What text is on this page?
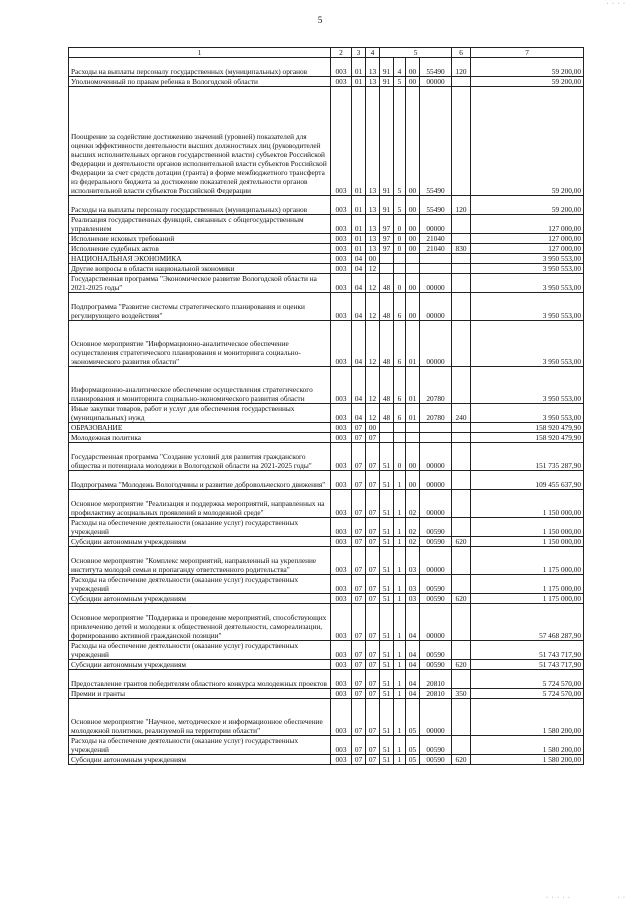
· · · ·
5
1	2	3	4	5				6	7
Расходы на выплаты персоналу государственных (муниципальных) органов	003	01	13	91	4	00	55490	120	59 200,00
Уполномоченный по правам ребенка в Вологодской области	003	01	13	91	5	00	00000		59 200,00
Поощрение за содействие достижению значений (уровней) показателей для оценки эффективности деятельности высших должностных лиц (руководителей высших исполнительных органов государственной власти) субъектов Российской Федерации и деятельности органов исполнительной власти субъектов Российской Федерации за счет средств дотации (гранта) в форме межбюджетного трансферта из федерального бюджета за достижение показателей деятельности органов исполнительной власти субъектов Российской Федерации	003	01	13	91	5	00	55490		59 200,00
Расходы на выплаты персоналу государственных (муниципальных) органов	003	01	13	91	5	00	55490	120	59 200,00
Реализация государственных функций, связанных с общегосударственным управлением	003	01	13	97	0	00	00000		127 000,00
Исполнение исковых требований	003	01	13	97	0	00	21040		127 000,00
Исполнение судебных актов	003	01	13	97	0	00	21040	830	127 000,00
НАЦИОНАЛЬНАЯ ЭКОНОМИКА	003	04	00						3 950 553,00
Другие вопросы в области национальной экономики	003	04	12						3 950 553,00
Государственная программа "Экономическое развитие Вологодской области на 2021-2025 годы"	003	04	12	48	0	00	00000		3 950 553,00
Подпрограмма "Развитие системы стратегического планирования и оценки регулирующего воздействия"	003	04	12	48	6	00	00000		3 950 553,00
Основное мероприятие "Информационно-аналитическое обеспечение осуществления стратегического планирования и мониторинга социально-экономического развития области"	003	04	12	48	6	01	00000		3 950 553,00
Информационно-аналитическое обеспечение осуществления стратегического планирования и мониторинга социально-экономического развития области	003	04	12	48	6	01	20780		3 950 553,00
Иные закупки товаров, работ и услуг для обеспечения государственных (муниципальных) нужд	003	04	12	48	6	01	20780	240	3 950 553,00
ОБРАЗОВАНИЕ	003	07	00						158 920 479,90
Молодежная политика	003	07	07						158 920 479,90
Государственная программа "Создание условий для развития гражданского общества и потенциала молодежи в Вологодской области на 2021-2025 годы"	003	07	07	51	0	00	00000		151 735 287,90
Подпрограмма "Молодежь Вологодчины и развитие добровольческого движения"	003	07	07	51	1	00	00000		109 455 637,90
Основное мероприятие "Реализация и поддержка мероприятий, направленных на профилактику асоциальных проявлений в молодежной среде"	003	07	07	51	1	02	00000		1 150 000,00
Расходы на обеспечение деятельности (оказание услуг) государственных учреждений	003	07	07	51	1	02	00590		1 150 000,00
Субсидии автономным учреждениям	003	07	07	51	1	02	00590	620	1 150 000,00
Основное мероприятие "Комплекс мероприятий, направленный на укрепление института молодой семьи и пропаганду ответственного родительства"	003	07	07	51	1	03	00000		1 175 000,00
Расходы на обеспечение деятельности (оказание услуг) государственных учреждений	003	07	07	51	1	03	00590		1 175 000,00
Субсидии автономным учреждениям	003	07	07	51	1	03	00590	620	1 175 000,00
Основное мероприятие "Поддержка и проведение мероприятий, способствующих привлечению детей и молодежи к общественной деятельности, самореализации, формированию активной гражданской позиции"	003	07	07	51	1	04	00000		57 468 287,90
Расходы на обеспечение деятельности (оказание услуг) государственных учреждений	003	07	07	51	1	04	00590		51 743 717,90
Субсидии автономным учреждениям	003	07	07	51	1	04	00590	620	51 743 717,90
Предоставление грантов победителям областного конкурса молодежных проектов	003	07	07	51	1	04	20810		5 724 570,00
Премии и гранты	003	07	07	51	1	04	20810	350	5 724 570,00
Основное мероприятие "Научное, методическое и информационное обеспечение молодежной политики, реализуемой на территории области"	003	07	07	51	1	05	00000		1 580 200,00
Расходы на обеспечение деятельности (оказание услуг) государственных учреждений	003	07	07	51	1	05	00590		1 580 200,00
Субсидии автономным учреждениям	003	07	07	51	1	05	00590	620	1 580 200,00
· · · · ·	· ·
